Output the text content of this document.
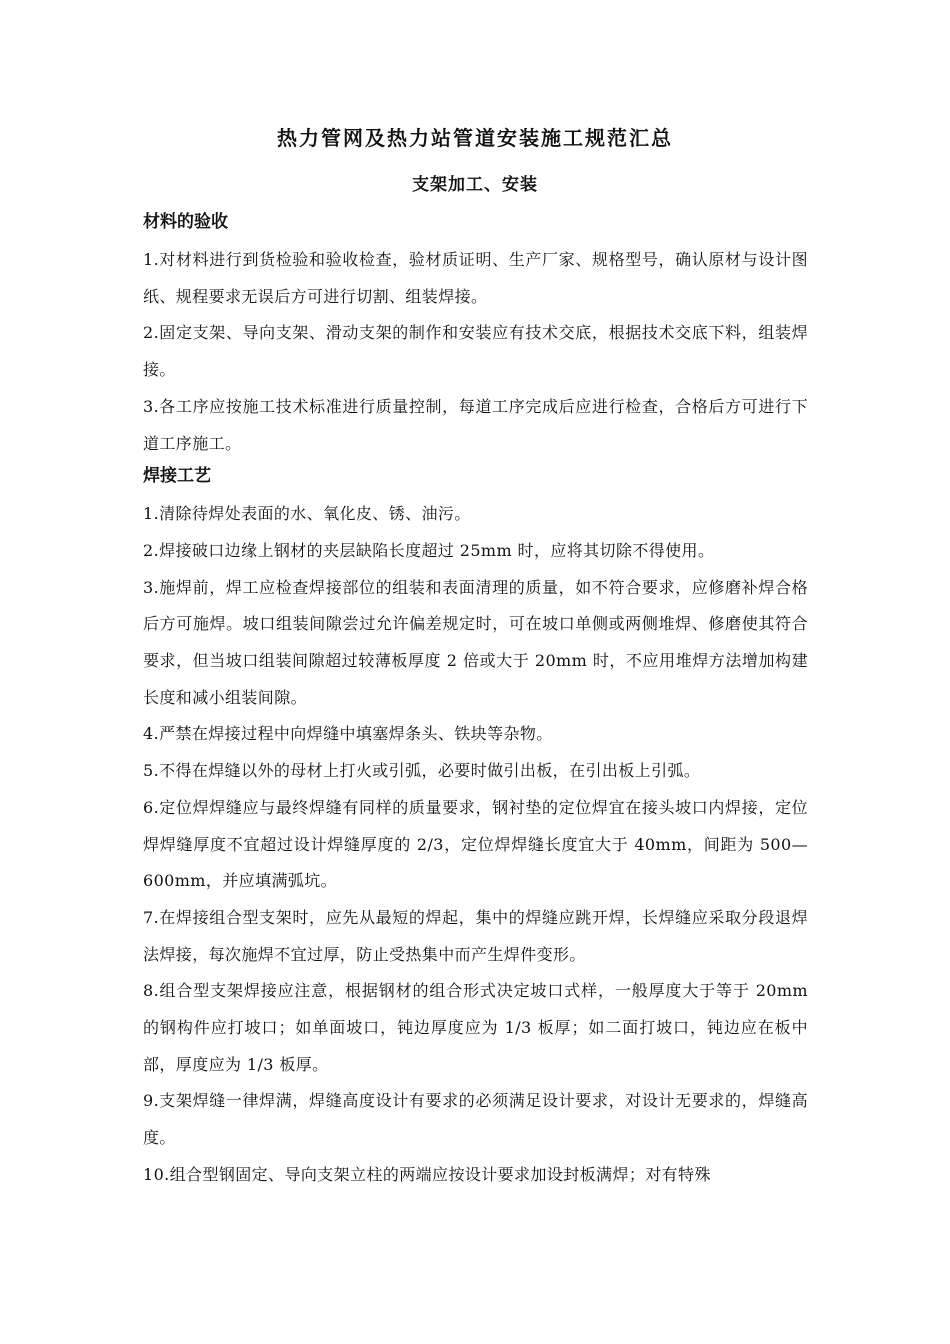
热力管网及热力站管道安装施工规范汇总
支架加工、安装
材料的验收
1.对材料进行到货检验和验收检查，验材质证明、生产厂家、规格型号，确认原材与设计图纸、规程要求无误后方可进行切割、组装焊接。
2.固定支架、导向支架、滑动支架的制作和安装应有技术交底，根据技术交底下料，组装焊接。
3.各工序应按施工技术标准进行质量控制，每道工序完成后应进行检查，合格后方可进行下道工序施工。
焊接工艺
1.清除待焊处表面的水、氧化皮、锈、油污。
2.焊接破口边缘上钢材的夹层缺陷长度超过 25mm 时，应将其切除不得使用。
3.施焊前，焊工应检查焊接部位的组装和表面清理的质量，如不符合要求，应修磨补焊合格后方可施焊。坡口组装间隙尝过允许偏差规定时，可在坡口单侧或两侧堆焊、修磨使其符合要求，但当坡口组装间隙超过较薄板厚度 2 倍或大于 20mm 时，不应用堆焊方法增加构建长度和减小组装间隙。
4.严禁在焊接过程中向焊缝中填塞焊条头、铁块等杂物。
5.不得在焊缝以外的母材上打火或引弧，必要时做引出板，在引出板上引弧。
6.定位焊焊缝应与最终焊缝有同样的质量要求，钢衬垫的定位焊宜在接头坡口内焊接，定位焊焊缝厚度不宜超过设计焊缝厚度的 2/3，定位焊焊缝长度宜大于 40mm，间距为 500—600mm，并应填满弧坑。
7.在焊接组合型支架时，应先从最短的焊起，集中的焊缝应跳开焊，长焊缝应采取分段退焊法焊接，每次施焊不宜过厚，防止受热集中而产生焊件变形。
8.组合型支架焊接应注意，根据钢材的组合形式决定坡口式样，一般厚度大于等于 20mm 的钢构件应打坡口；如单面坡口，钝边厚度应为 1/3 板厚；如二面打坡口，钝边应在板中部，厚度应为 1/3 板厚。
9.支架焊缝一律焊满，焊缝高度设计有要求的必须满足设计要求，对设计无要求的，焊缝高度。
10.组合型钢固定、导向支架立柱的两端应按设计要求加设封板满焊；对有特殊
